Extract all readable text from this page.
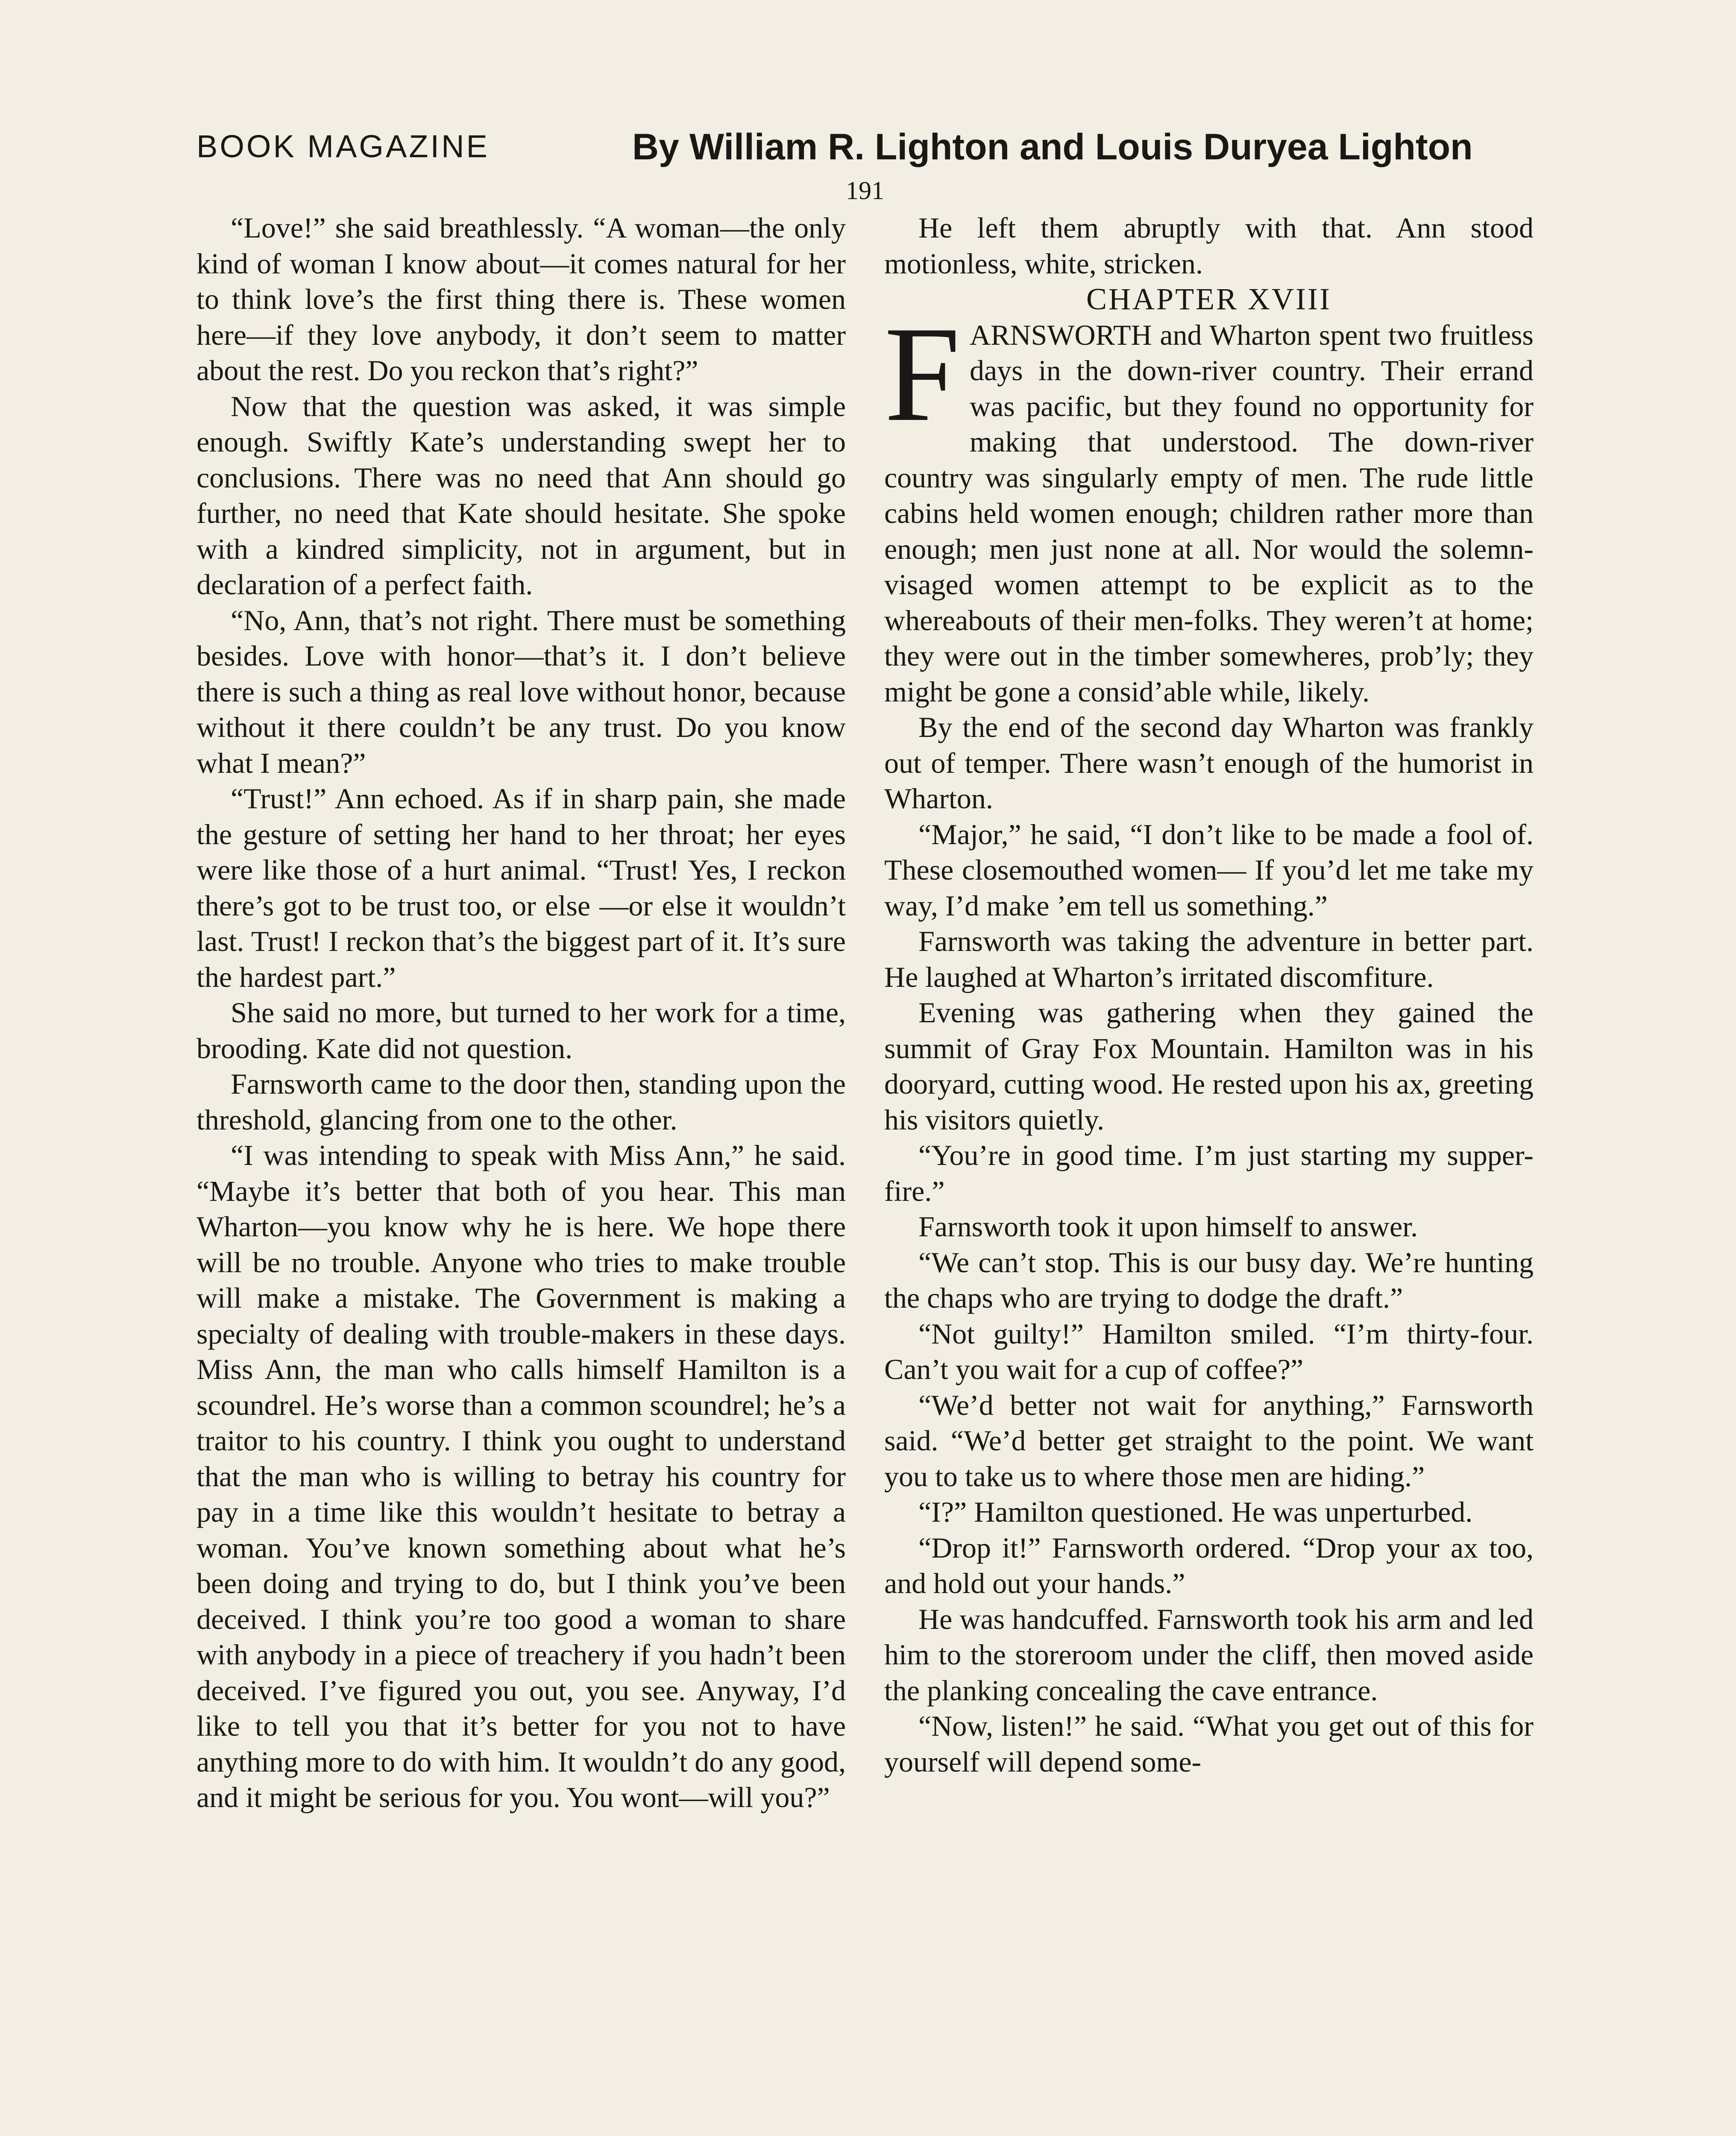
BOOK MAGAZINE	By William R. Lighton and Louis Duryea Lighton
191

“Love!” she said breathlessly. “A woman—the only kind of woman I know about—it comes natural for her to think love’s the first thing there is. These women here—if they love anybody, it don’t seem to matter about the rest. Do you reckon that’s right?”

Now that the question was asked, it was simple enough. Swiftly Kate’s understanding swept her to conclusions. There was no need that Ann should go further, no need that Kate should hesitate. She spoke with a kindred simplicity, not in argument, but in declaration of a perfect faith.

“No, Ann, that’s not right. There must be something besides. Love with honor—that’s it. I don’t believe there is such a thing as real love without honor, because without it there couldn’t be any trust. Do you know what I mean?”

“Trust!” Ann echoed. As if in sharp pain, she made the gesture of setting her hand to her throat; her eyes were like those of a hurt animal. “Trust! Yes, I reckon there’s got to be trust too, or else —or else it wouldn’t last. Trust! I reckon that’s the biggest part of it. It’s sure the hardest part.”

She said no more, but turned to her work for a time, brooding. Kate did not question.

Farnsworth came to the door then, standing upon the threshold, glancing from one to the other.

“I was intending to speak with Miss Ann,” he said. “Maybe it’s better that both of you hear. This man Wharton—you know why he is here. We hope there will be no trouble. Anyone who tries to make trouble will make a mistake. The Government is making a specialty of dealing with trouble-makers in these days. Miss Ann, the man who calls himself Hamilton is a scoundrel. He’s worse than a common scoundrel; he’s a traitor to his country. I think you ought to understand that the man who is willing to betray his country for pay in a time like this wouldn’t hesitate to betray a woman. You’ve known something about what he’s been doing and trying to do, but I think you’ve been deceived. I think you’re too good a woman to share with anybody in a piece of treachery if you hadn’t been deceived. I’ve figured you out, you see. Anyway, I’d like to tell you that it’s better for you not to have anything more to do with him. It wouldn’t do any good, and it might be serious for you. You wont—will you?”

He left them abruptly with that. Ann stood motionless, white, stricken.

CHAPTER XVIII

FARNSWORTH and Wharton spent two fruitless days in the down-river country. Their errand was pacific, but they found no opportunity for making that understood. The down-river country was singularly empty of men. The rude little cabins held women enough; children rather more than enough; men just none at all. Nor would the solemn-visaged women attempt to be explicit as to the whereabouts of their men-folks. They weren’t at home; they were out in the timber somewheres, prob’ly; they might be gone a consid’able while, likely.

By the end of the second day Wharton was frankly out of temper. There wasn’t enough of the humorist in Wharton.

“Major,” he said, “I don’t like to be made a fool of. These closemouthed women— If you’d let me take my way, I’d make ’em tell us something.”

Farnsworth was taking the adventure in better part. He laughed at Wharton’s irritated discomfiture.

Evening was gathering when they gained the summit of Gray Fox Mountain. Hamilton was in his dooryard, cutting wood. He rested upon his ax, greeting his visitors quietly.

“You’re in good time. I’m just starting my supper-fire.”

Farnsworth took it upon himself to answer.

“We can’t stop. This is our busy day. We’re hunting the chaps who are trying to dodge the draft.”

“Not guilty!” Hamilton smiled. “I’m thirty-four. Can’t you wait for a cup of coffee?”

“We’d better not wait for anything,” Farnsworth said. “We’d better get straight to the point. We want you to take us to where those men are hiding.”

“I?” Hamilton questioned. He was unperturbed.

“Drop it!” Farnsworth ordered. “Drop your ax too, and hold out your hands.”

He was handcuffed. Farnsworth took his arm and led him to the storeroom under the cliff, then moved aside the planking concealing the cave entrance.

“Now, listen!” he said. “What you get out of this for yourself will depend some-
